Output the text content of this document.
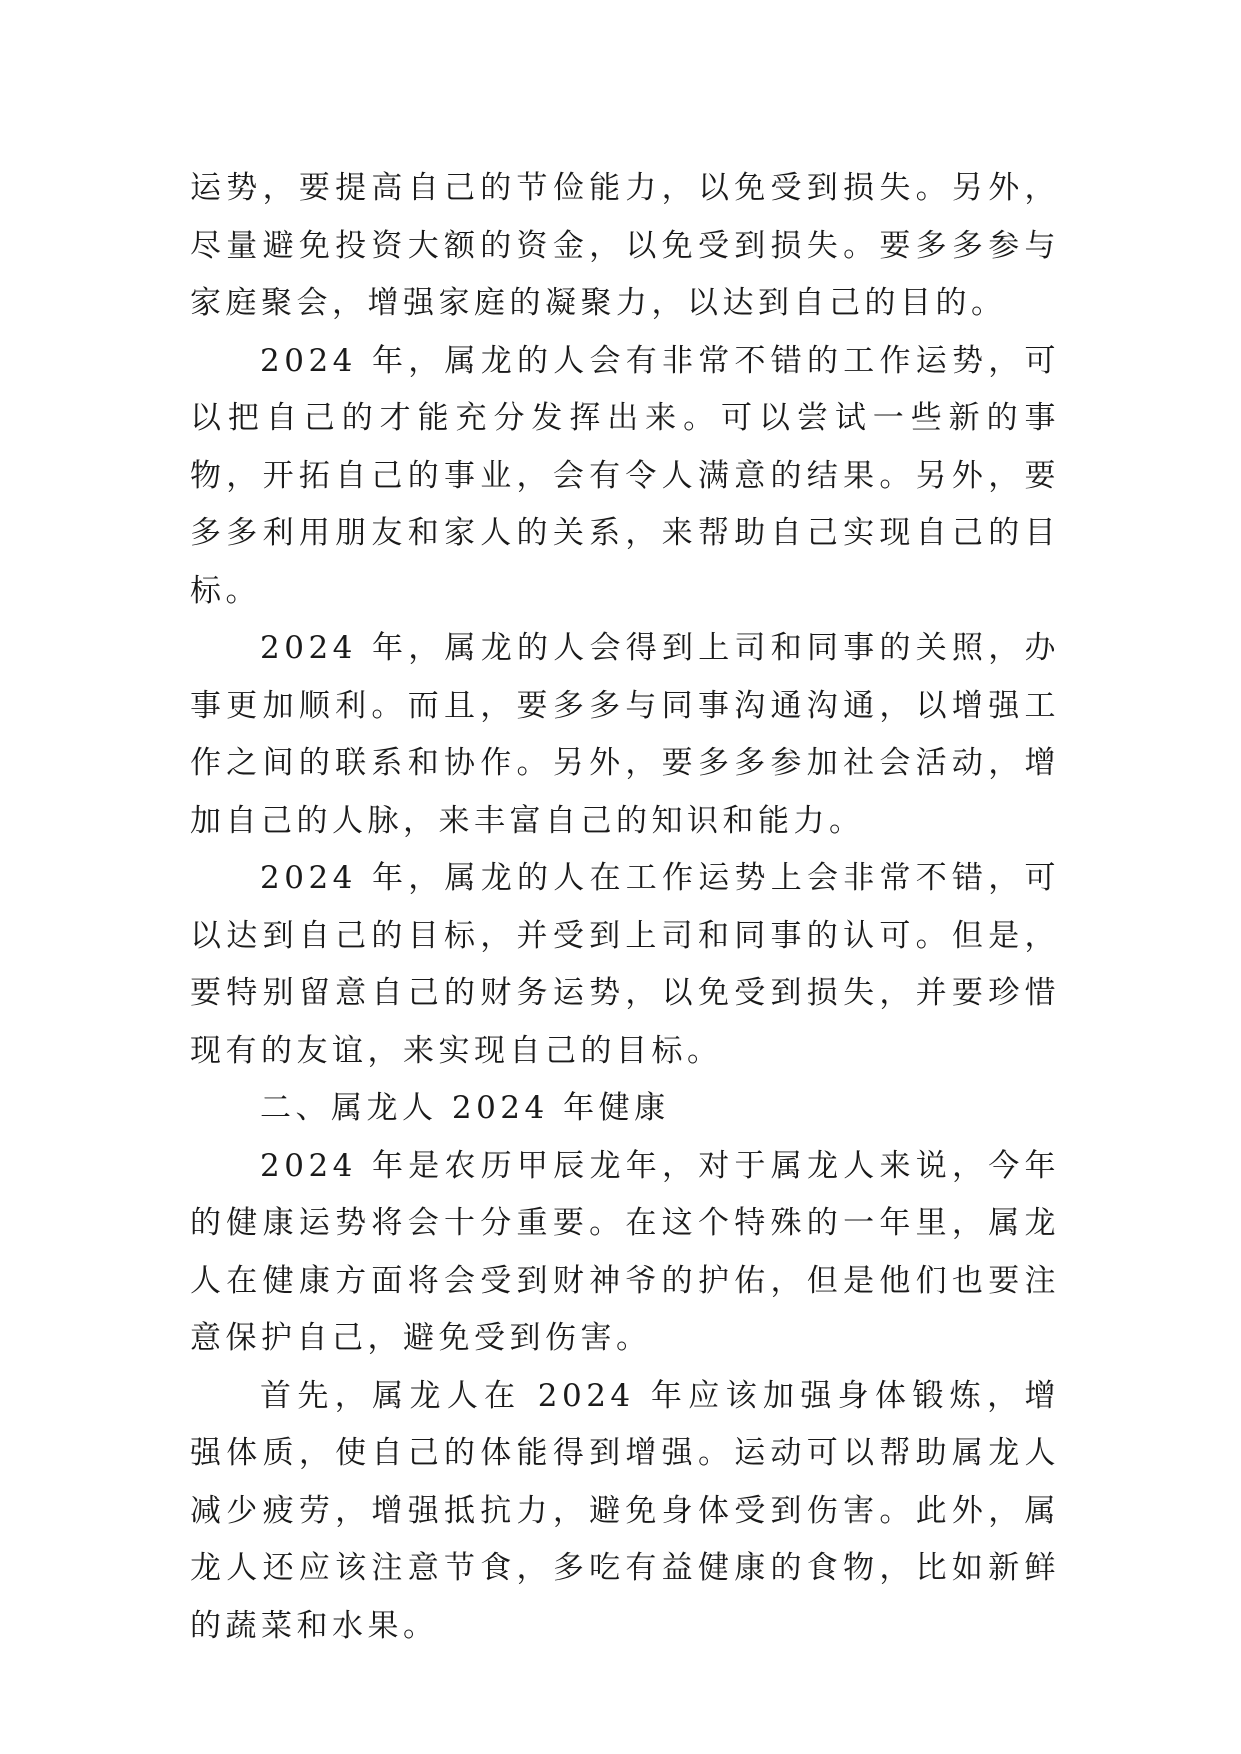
运势，要提高自己的节俭能力，以免受到损失。另外，尽量避免投资大额的资金，以免受到损失。要多多参与家庭聚会，增强家庭的凝聚力，以达到自己的目的。

2024 年，属龙的人会有非常不错的工作运势，可以把自己的才能充分发挥出来。可以尝试一些新的事物，开拓自己的事业，会有令人满意的结果。另外，要多多利用朋友和家人的关系，来帮助自己实现自己的目标。

2024 年，属龙的人会得到上司和同事的关照，办事更加顺利。而且，要多多与同事沟通沟通，以增强工作之间的联系和协作。另外，要多多参加社会活动，增加自己的人脉，来丰富自己的知识和能力。

2024 年，属龙的人在工作运势上会非常不错，可以达到自己的目标，并受到上司和同事的认可。但是，要特别留意自己的财务运势，以免受到损失，并要珍惜现有的友谊，来实现自己的目标。

二、属龙人 2024 年健康

2024 年是农历甲辰龙年，对于属龙人来说，今年的健康运势将会十分重要。在这个特殊的一年里，属龙人在健康方面将会受到财神爷的护佑，但是他们也要注意保护自己，避免受到伤害。

首先，属龙人在 2024 年应该加强身体锻炼，增强体质，使自己的体能得到增强。运动可以帮助属龙人减少疲劳，增强抵抗力，避免身体受到伤害。此外，属龙人还应该注意节食，多吃有益健康的食物，比如新鲜的蔬菜和水果。
